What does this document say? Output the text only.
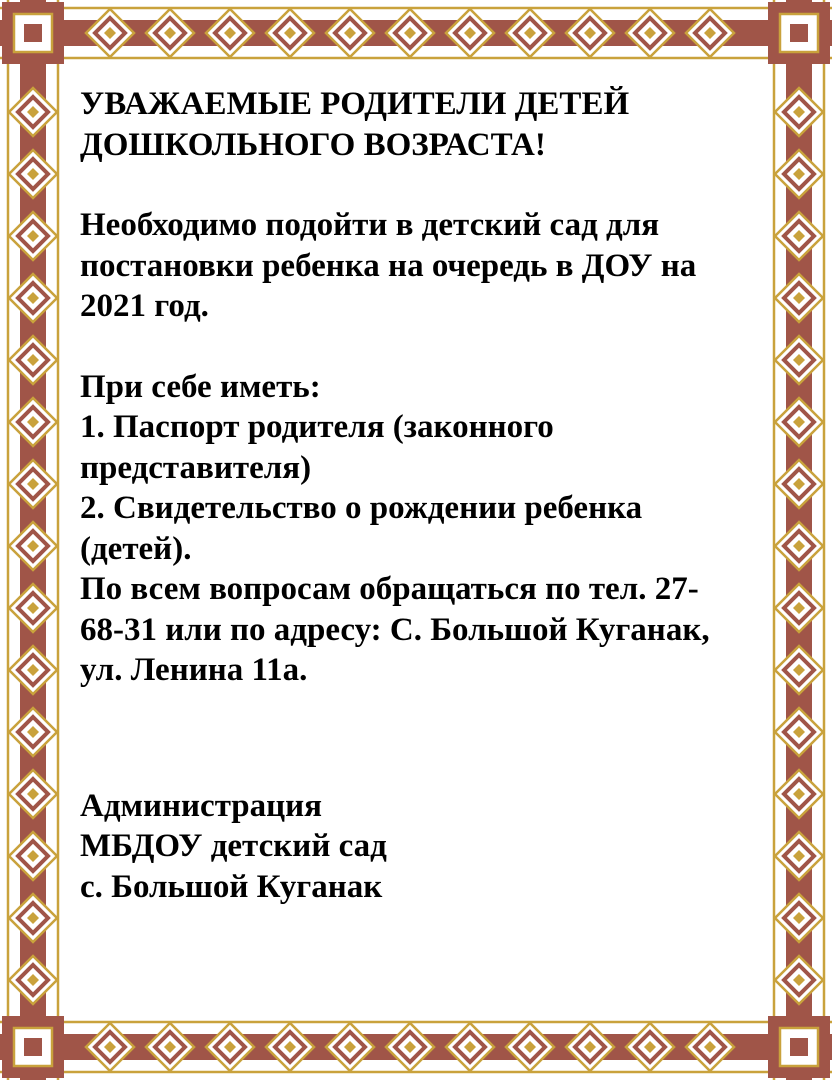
УВАЖАЕМЫЕ РОДИТЕЛИ ДЕТЕЙ
ДОШКОЛЬНОГО ВОЗРАСТА!
Необходимо подойти в детский сад для
постановки ребенка на очередь в ДОУ на
2021 год.
При себе иметь:
1. Паспорт родителя (законного
представителя)
2. Свидетельство о рождении ребенка
(детей).
По всем вопросам обращаться по тел. 27-
68-31 или по адресу: С. Большой Куганак,
ул. Ленина 11а.
Администрация
МБДОУ детский сад
с. Большой Куганак
